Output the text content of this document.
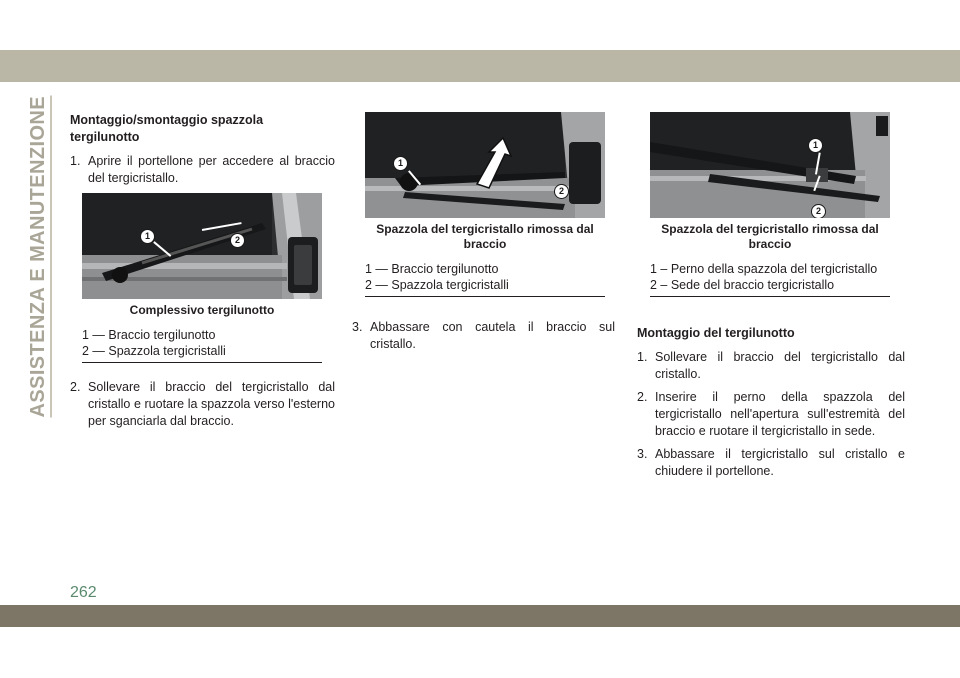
ASSISTENZA E MANUTENZIONE
262
Montaggio/smontaggio spazzola tergilunotto
1. Aprire il portellone per accedere al braccio del tergicristallo.
1	2
Complessivo tergilunotto
1 — Braccio tergilunotto
2 — Spazzola tergicristalli
2. Sollevare il braccio del tergicristallo dal cristallo e ruotare la spazzola verso l'esterno per sganciarla dal braccio.
1
2
Spazzola del tergicristallo rimossa dal braccio
1 — Braccio tergilunotto
2 — Spazzola tergicristalli
3. Abbassare con cautela il braccio sul cristallo.
1
2
Spazzola del tergicristallo rimossa dal braccio
1 – Perno della spazzola del tergicristallo
2 – Sede del braccio tergicristallo
Montaggio del tergilunotto
1. Sollevare il braccio del tergicristallo dal cristallo.
2. Inserire il perno della spazzola del tergicristallo nell'apertura sull'estremità del braccio e ruotare il tergicristallo in sede.
3. Abbassare il tergicristallo sul cristallo e chiudere il portellone.
